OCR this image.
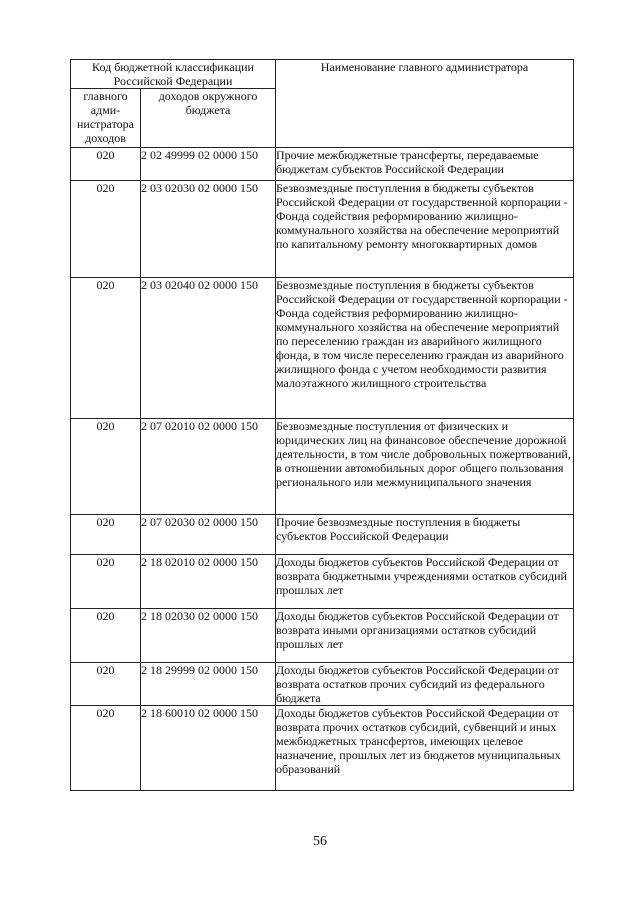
Код бюджетной классификации Российской Федерации		Наименование главного администратора
главного адми- нистратора доходов	доходов окружного бюджета	
020	2 02 49999 02 0000 150	Прочие межбюджетные трансферты, передаваемые бюджетам субъектов Российской Федерации
020	2 03 02030 02 0000 150	Безвозмездные поступления в бюджеты субъектов Российской Федерации от государственной корпорации - Фонда содействия реформированию жилищно-коммунального хозяйства на обеспечение мероприятий по капитальному ремонту многоквартирных домов
020	2 03 02040 02 0000 150	Безвозмездные поступления в бюджеты субъектов Российской Федерации от государственной корпорации - Фонда содействия реформированию жилищно-коммунального хозяйства на обеспечение мероприятий по переселению граждан из аварийного жилищного фонда, в том числе переселению граждан из аварийного жилищного фонда с учетом необходимости развития малоэтажного жилищного строительства
020	2 07 02010 02 0000 150	Безвозмездные поступления от физических и юридических лиц на финансовое обеспечение дорожной деятельности, в том числе добровольных пожертвований, в отношении автомобильных дорог общего пользования регионального или межмуниципального значения
020	2 07 02030 02 0000 150	Прочие безвозмездные поступления в бюджеты субъектов Российской Федерации
020	2 18 02010 02 0000 150	Доходы бюджетов субъектов Российской Федерации от возврата бюджетными учреждениями остатков субсидий прошлых лет
020	2 18 02030 02 0000 150	Доходы бюджетов субъектов Российской Федерации от возврата иными организациями остатков субсидий прошлых лет
020	2 18 29999 02 0000 150	Доходы бюджетов субъектов Российской Федерации от возврата остатков прочих субсидий из федерального бюджета
020	2 18 60010 02 0000 150	Доходы бюджетов субъектов Российской Федерации от возврата прочих остатков субсидий, субвенций и иных межбюджетных трансфертов, имеющих целевое назначение, прошлых лет из бюджетов муниципальных образований
56
